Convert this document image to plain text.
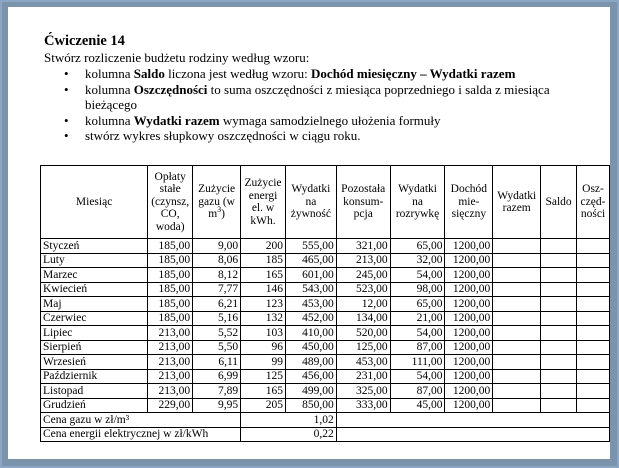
Ćwiczenie 14

Stwórz rozliczenie budżetu rodziny według wzoru:

• kolumna Saldo liczona jest według wzoru: Dochód miesięczny – Wydatki razem
• kolumna Oszczędności to suma oszczędności z miesiąca poprzedniego i salda z miesiąca bieżącego
• kolumna Wydatki razem wymaga samodzielnego ułożenia formuły
• stwórz wykres słupkowy oszczędności w ciągu roku.
Miesiąc	Opłaty stałe (czynsz, CO, woda)	Zużycie gazu (w $m^3$)	Zużycie energi el. w kWh.	Wydatki na żywność	Pozostała konsum-pcja	Wydatki na rozrywkę	Dochód mie-sięczny	Wydatki razem	Saldo	Osz-częd-ności
Styczeń	185,00	9,00	200	555,00	321,00	65,00	1200,00			
Luty	185,00	8,06	185	465,00	213,00	32,00	1200,00			
Marzec	185,00	8,12	165	601,00	245,00	54,00	1200,00			
Kwiecień	185,00	7,77	146	543,00	523,00	98,00	1200,00			
Maj	185,00	6,21	123	453,00	12,00	65,00	1200,00			
Czerwiec	185,00	5,16	132	452,00	134,00	21,00	1200,00			
Lipiec	213,00	5,52	103	410,00	520,00	54,00	1200,00			
Sierpień	213,00	5,50	96	450,00	125,00	87,00	1200,00			
Wrzesień	213,00	6,11	99	489,00	453,00	111,00	1200,00			
Październik	213,00	6,99	125	456,00	231,00	54,00	1200,00			
Listopad	213,00	7,89	165	499,00	325,00	87,00	1200,00			
Grudzień	229,00	9,95	205	850,00	333,00	45,00	1200,00			
Cena gazu w zł/m³			1,02							
Cena energii elektrycznej w zł/kWh			0,22							
